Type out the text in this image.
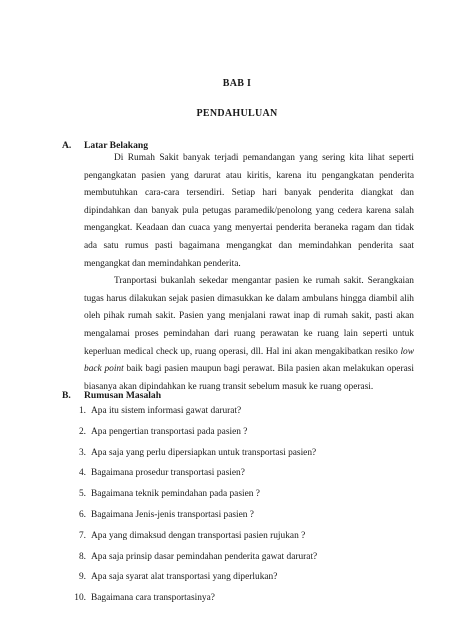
BAB I
PENDAHULUAN
A. Latar Belakang

Di Rumah Sakit banyak terjadi pemandangan yang sering kita lihat seperti pengangkatan pasien yang darurat atau kiritis, karena itu pengangkatan penderita membutuhkan cara-cara tersendiri. Setiap hari banyak penderita diangkat dan dipindahkan dan banyak pula petugas paramedik/penolong yang cedera karena salah mengangkat. Keadaan dan cuaca yang menyertai penderita beraneka ragam dan tidak ada satu rumus pasti bagaimana mengangkat dan memindahkan penderita saat mengangkat dan memindahkan penderita.

Tranportasi bukanlah sekedar mengantar pasien ke rumah sakit. Serangkaian tugas harus dilakukan sejak pasien dimasukkan ke dalam ambulans hingga diambil alih oleh pihak rumah sakit. Pasien yang menjalani rawat inap di rumah sakit, pasti akan mengalamai proses pemindahan dari ruang perawatan ke ruang lain seperti untuk keperluan medical check up, ruang operasi, dll. Hal ini akan mengakibatkan resiko low back point baik bagi pasien maupun bagi perawat. Bila pasien akan melakukan operasi biasanya akan dipindahkan ke ruang transit sebelum masuk ke ruang operasi.

B. Rumusan Masalah
1. Apa itu sistem informasi gawat darurat?
2. Apa pengertian transportasi pada pasien ?
3. Apa saja yang perlu dipersiapkan untuk transportasi pasien?
4. Bagaimana prosedur transportasi pasien?
5. Bagaimana teknik pemindahan pada pasien ?
6. Bagaimana Jenis-jenis transportasi pasien ?
7. Apa yang dimaksud dengan transportasi pasien rujukan ?
8. Apa saja prinsip dasar pemindahan penderita gawat darurat?
9. Apa saja syarat alat transportasi yang diperlukan?
10. Bagaimana cara transportasinya?
